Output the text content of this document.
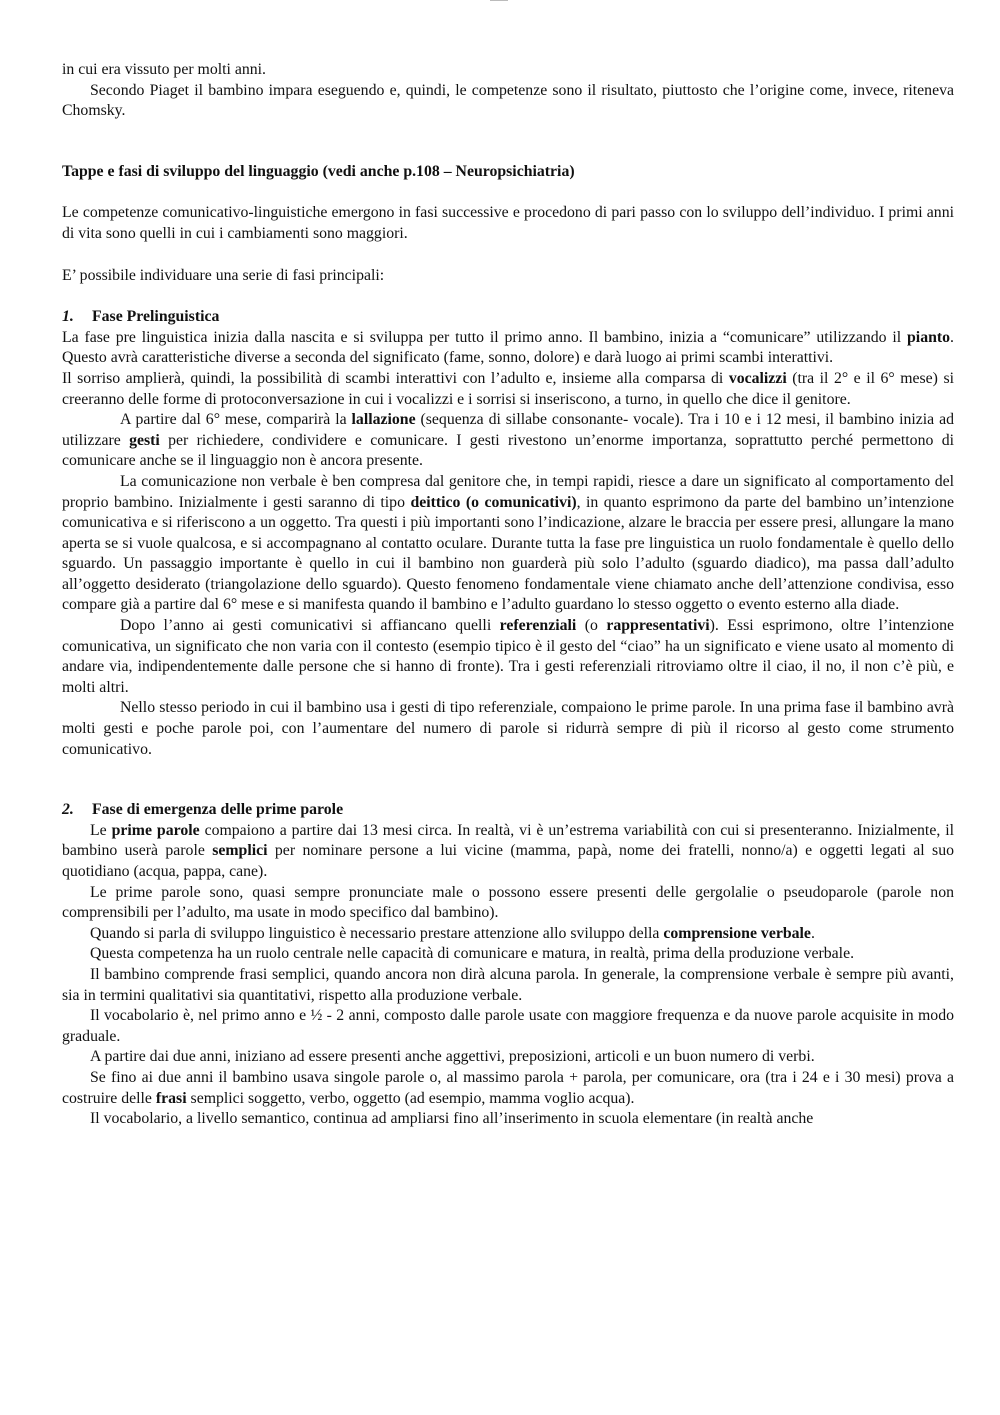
in cui era vissuto per molti anni.

Secondo Piaget il bambino impara eseguendo e, quindi, le competenze sono il risultato, piuttosto che l’origine come, invece, riteneva Chomsky.

Tappe e fasi di sviluppo del linguaggio (vedi anche p.108 – Neuropsichiatria)

Le competenze comunicativo-linguistiche emergono in fasi successive e procedono di pari passo con lo sviluppo dell’individuo. I primi anni di vita sono quelli in cui i cambiamenti sono maggiori.

E’ possibile individuare una serie di fasi principali:

1. Fase Prelinguistica

La fase pre linguistica inizia dalla nascita e si sviluppa per tutto il primo anno. Il bambino, inizia a “comunicare” utilizzando il pianto. Questo avrà caratteristiche diverse a seconda del significato (fame, sonno, dolore) e darà luogo ai primi scambi interattivi.

Il sorriso amplierà, quindi, la possibilità di scambi interattivi con l’adulto e, insieme alla comparsa di vocalizzi (tra il 2° e il 6° mese) si creeranno delle forme di protoconversazione in cui i vocalizzi e i sorrisi si inseriscono, a turno, in quello che dice il genitore.

A partire dal 6° mese, comparirà la lallazione (sequenza di sillabe consonante- vocale). Tra i 10 e i 12 mesi, il bambino inizia ad utilizzare gesti per richiedere, condividere e comunicare. I gesti rivestono un’enorme importanza, soprattutto perché permettono di comunicare anche se il linguaggio non è ancora presente.

La comunicazione non verbale è ben compresa dal genitore che, in tempi rapidi, riesce a dare un significato al comportamento del proprio bambino. Inizialmente i gesti saranno di tipo deittico (o comunicativi), in quanto esprimono da parte del bambino un’intenzione comunicativa e si riferiscono a un oggetto. Tra questi i più importanti sono l’indicazione, alzare le braccia per essere presi, allungare la mano aperta se si vuole qualcosa, e si accompagnano al contatto oculare. Durante tutta la fase pre linguistica un ruolo fondamentale è quello dello sguardo. Un passaggio importante è quello in cui il bambino non guarderà più solo l’adulto (sguardo diadico), ma passa dall’adulto all’oggetto desiderato (triangolazione dello sguardo). Questo fenomeno fondamentale viene chiamato anche dell’attenzione condivisa, esso compare già a partire dal 6° mese e si manifesta quando il bambino e l’adulto guardano lo stesso oggetto o evento esterno alla diade.

Dopo l’anno ai gesti comunicativi si affiancano quelli referenziali (o rappresentativi). Essi esprimono, oltre l’intenzione comunicativa, un significato che non varia con il contesto (esempio tipico è il gesto del “ciao” ha un significato e viene usato al momento di andare via, indipendentemente dalle persone che si hanno di fronte). Tra i gesti referenziali ritroviamo oltre il ciao, il no, il non c’è più, e molti altri.

Nello stesso periodo in cui il bambino usa i gesti di tipo referenziale, compaiono le prime parole. In una prima fase il bambino avrà molti gesti e poche parole poi, con l’aumentare del numero di parole si ridurrà sempre di più il ricorso al gesto come strumento comunicativo.

2. Fase di emergenza delle prime parole

Le prime parole compaiono a partire dai 13 mesi circa. In realtà, vi è un’estrema variabilità con cui si presenteranno. Inizialmente, il bambino userà parole semplici per nominare persone a lui vicine (mamma, papà, nome dei fratelli, nonno/a) e oggetti legati al suo quotidiano (acqua, pappa, cane).

Le prime parole sono, quasi sempre pronunciate male o possono essere presenti delle gergolalie o pseudoparole (parole non comprensibili per l’adulto, ma usate in modo specifico dal bambino).

Quando si parla di sviluppo linguistico è necessario prestare attenzione allo sviluppo della comprensione verbale.

Questa competenza ha un ruolo centrale nelle capacità di comunicare e matura, in realtà, prima della produzione verbale.

Il bambino comprende frasi semplici, quando ancora non dirà alcuna parola. In generale, la comprensione verbale è sempre più avanti, sia in termini qualitativi sia quantitativi, rispetto alla produzione verbale.

Il vocabolario è, nel primo anno e ½ - 2 anni, composto dalle parole usate con maggiore frequenza e da nuove parole acquisite in modo graduale.

A partire dai due anni, iniziano ad essere presenti anche aggettivi, preposizioni, articoli e un buon numero di verbi.

Se fino ai due anni il bambino usava singole parole o, al massimo parola + parola, per comunicare, ora (tra i 24 e i 30 mesi) prova a costruire delle frasi semplici soggetto, verbo, oggetto (ad esempio, mamma voglio acqua).

Il vocabolario, a livello semantico, continua ad ampliarsi fino all’inserimento in scuola elementare (in realtà anche
